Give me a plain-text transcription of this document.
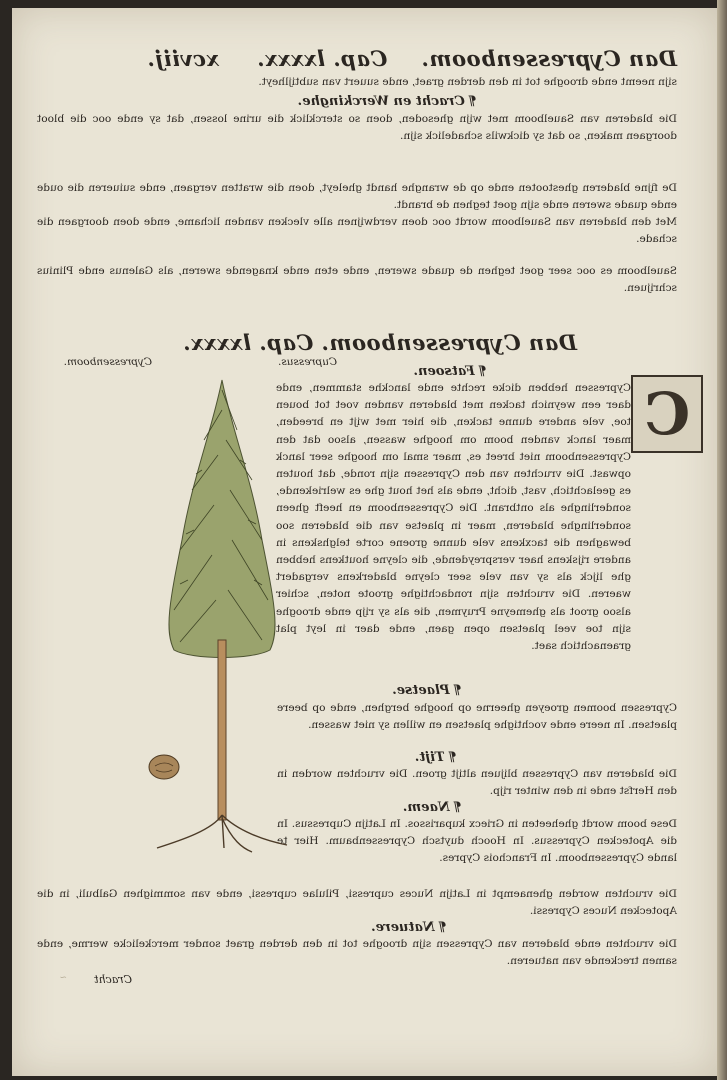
Dan Cypressenboom. Cap. lxxxx. xcviij.

sijn neemt ende drooghe tot in den derden graet, ende suuert van subtijlheyt.

¶Cracht en Werckinghe.

Die bladeren van Sauelboom met wijn ghesoden, doen so stercklick die urine lossen, dat sy ende ooc die bloot doorgaen maken, so dat sy dickwils schadelick sijn.

De fijne bladeren ghestooten ende op de wranghe handt gheleyt, doen die wratten vergaen, ende suiueren die oude ende quade sweren ende sijn goet teghen de brandt.

Met den bladeren van Sauelboom wordt ooc doen verdwijnen alle vlecken vanden lichame, ende doen doorgaen die schade.

Sauelboom es ooc seer goet teghen de quade sweren, ende eten ende knagende sweren, als Galenus ende Plinius schrijuen.

Dan Cypressenboom. Cap. lxxxx.
Cupressus.
Cypressenboom.
¶Fatsoen.
C

Cypressen hebben dicke rechte ende lanckhe stammen, ende daer een weynich tacken met bladeren vanden voet tot bouen toe, vele andere dunne tacken, die hier met wijt en breeden, maer lanck vanden boom om hooghe wassen, alsoo dat den Cypressenboom niet breet es, maer smal om hooghe seer lanck opwast. Die vruchten van den Cypressen sijn ronde, dat houten es geelachtich, vast, dicht, ende als het hout ghe es welriekende, sonderlinghe als ontbrant. Die Cypressenboom en heeft gheen sonderlinghe bladeren, maer in plaetse van die bladeren soo bewaghen die tacxkens vele dunne groene corte telghskens in andere rijskens haer verspreydende, die cleyne houtkens hebben ghe lijck als sy van vele seer cleyne bladerkens vergadert waeren. Die vruchten sijn rondachtighe groote noten, schier alsoo groot als ghemeyne Pruymen, die als sy rijp ende drooghe sijn toe veel plaetsen open gaen, ende daer in leyt plat graenachtich saet.

¶Plaetse.

Cypressen boomen groeyen gheerne op hooghe berghen, ende op beere plaetsen. In neere ende vochtighe plaetsen en willen sy niet wassen.

¶Tijt.

Die bladeren van Cypressen blijuen altijt groen. Die vruchten worden in den Herfst ende in den winter rijp.

¶Naem.

Dese boom wordt gheheeten in Griecx kuparissos. In Latijn Cupressus. In die Apotecken Cypressus. In Hooch duytsch Cypressenbaum. Hier te lande Cypressenboom. In Franchois Cypres.

Die vruchten worden ghenaempt in Latijn Nuces cupressi, Pilulae cupressi, ende van sommighen Galbuli, in die Apotecken Nuces Cypressi.

¶Natuere.

Die vruchten ende bladeren van Cypressen sijn drooghe tot in den derden graet sonder merckelicke werme, ende samen treckende van natueren.

Cracht
~
